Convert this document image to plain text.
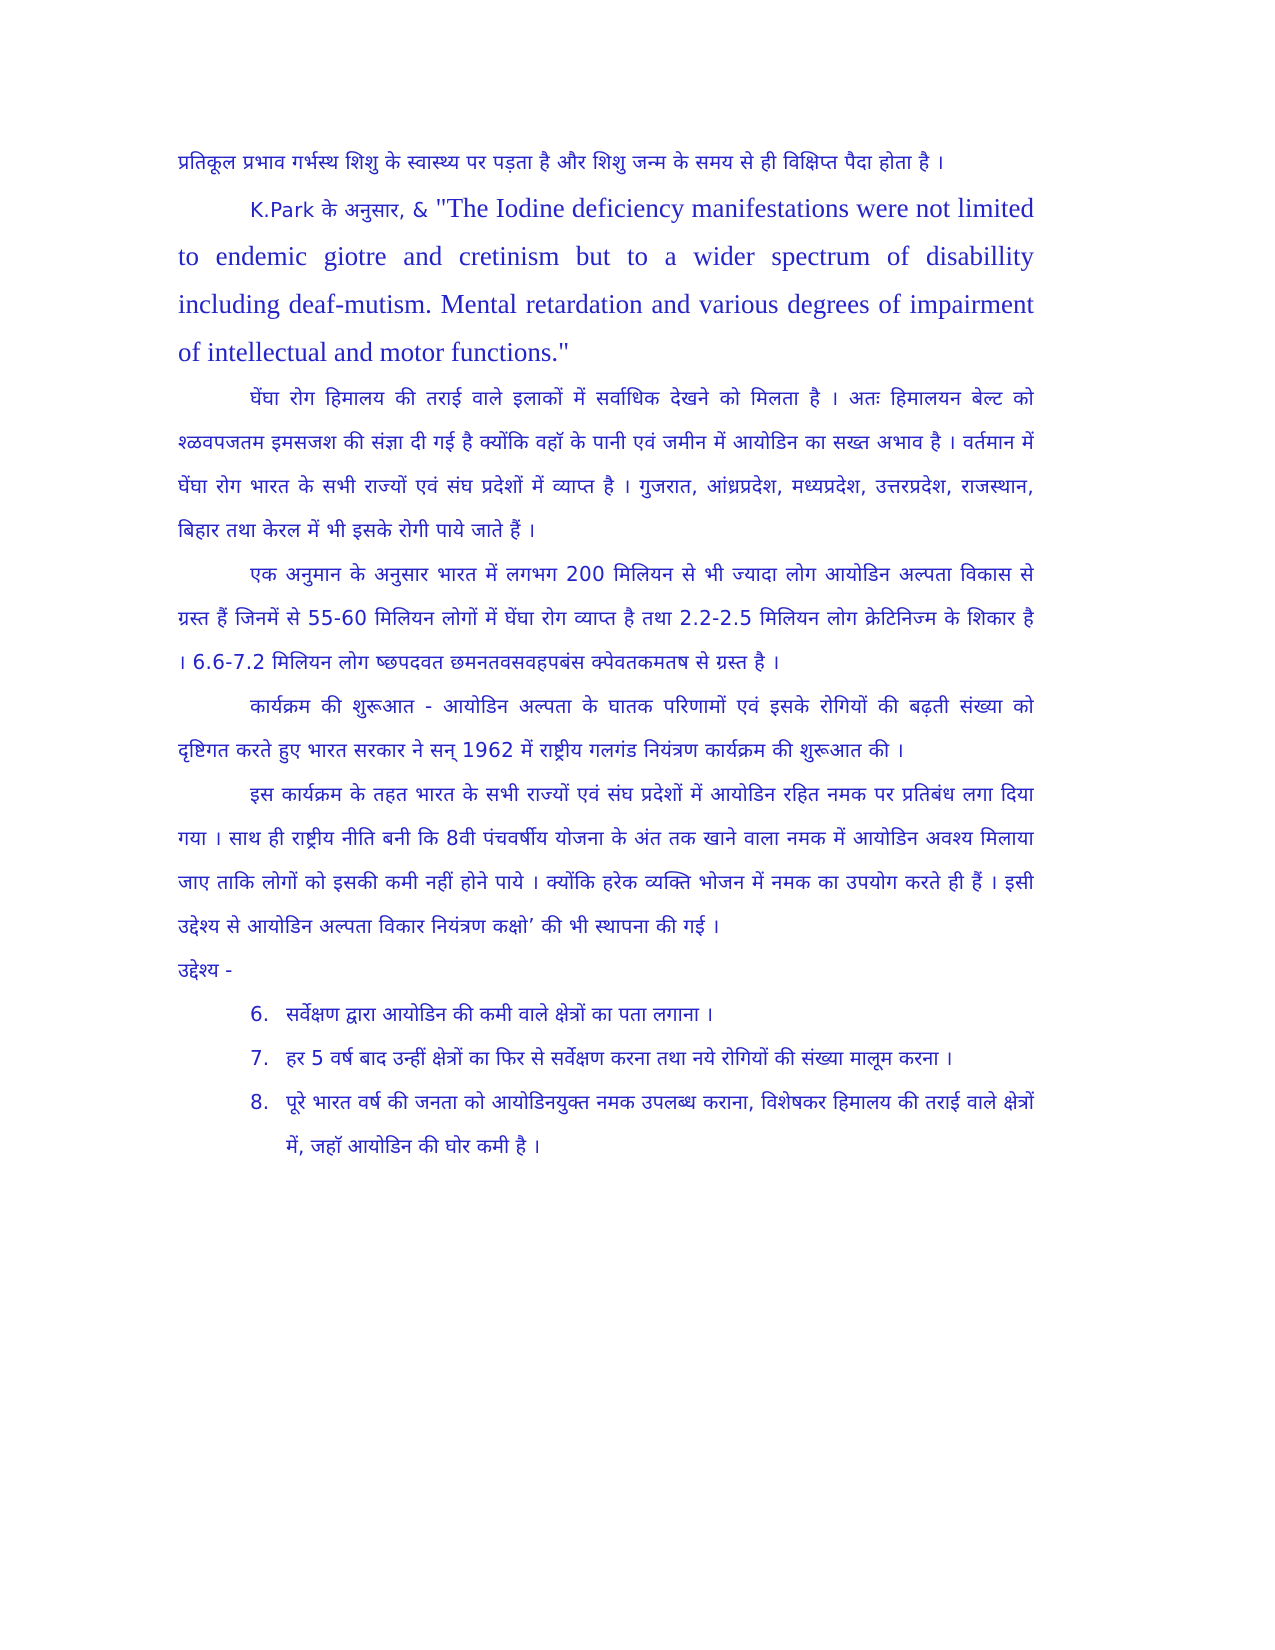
प्रतिकूल प्रभाव गर्भस्थ शिशु के स्वास्थ्य पर पड़ता है और शिशु जन्म के समय से ही विक्षिप्त पैदा होता है ।

K.Park के अनुसार, & "The Iodine deficiency manifestations were not limited to endemic giotre and cretinism but to a wider spectrum of disabillity including deaf-mutism. Mental retardation and various degrees of impairment of intellectual and motor functions."

घेंघा रोग हिमालय की तराई वाले इलाकों में सर्वाधिक देखने को मिलता है । अतः हिमालयन बेल्ट को श्ळवपजतम इमसजश की संज्ञा दी गई है क्योंकि वहाॅ के पानी एवं जमीन में आयोडिन का सख्त अभाव है । वर्तमान में घेंघा रोग भारत के सभी राज्यों एवं संघ प्रदेशों में व्याप्त है । गुजरात, आंध्रप्रदेश, मध्यप्रदेश, उत्तरप्रदेश, राजस्थान, बिहार तथा केरल में भी इसके रोगी पाये जाते हैं ।

एक अनुमान के अनुसार भारत में लगभग 200 मिलियन से भी ज्यादा लोग आयोडिन अल्पता विकास से ग्रस्त हैं जिनमें से 55-60 मिलियन लोगों में घेंघा रोग व्याप्त है तथा 2.2-2.5 मिलियन लोग क्रेटिनिज्म के शिकार है । 6.6-7.2 मिलियन लोग ष्छपदवत छमनतवसवहपबंस क्पेवतकमतष से ग्रस्त है ।

कार्यक्रम की शुरूआत - आयोडिन अल्पता के घातक परिणामों एवं इसके रोगियों की बढ़ती संख्या को दृष्टिगत करते हुए भारत सरकार ने सन् 1962 में राष्ट्रीय गलगंड नियंत्रण कार्यक्रम की शुरूआत की ।

इस कार्यक्रम के तहत भारत के सभी राज्यों एवं संघ प्रदेशों में आयोडिन रहित नमक पर प्रतिबंध लगा दिया गया । साथ ही राष्ट्रीय नीति बनी कि 8वी पंचवर्षीय योजना के अंत तक खाने वाला नमक में आयोडिन अवश्य मिलाया जाए ताकि लोगों को इसकी कमी नहीं होने पाये । क्योंकि हरेक व्यक्ति भोजन में नमक का उपयोग करते ही हैं । इसी उद्देश्य से आयोडिन अल्पता विकार नियंत्रण कक्षो’ की भी स्थापना की गई ।

उद्देश्य -

6. सर्वेक्षण द्वारा आयोडिन की कमी वाले क्षेत्रों का पता लगाना ।
7. हर 5 वर्ष बाद उन्हीं क्षेत्रों का फिर से सर्वेक्षण करना तथा नये रोगियों की संख्या मालूम करना ।
8. पूरे भारत वर्ष की जनता को आयोडिनयुक्त नमक उपलब्ध कराना, विशेषकर हिमालय की तराई वाले क्षेत्रों में, जहाॅ आयोडिन की घोर कमी है ।
